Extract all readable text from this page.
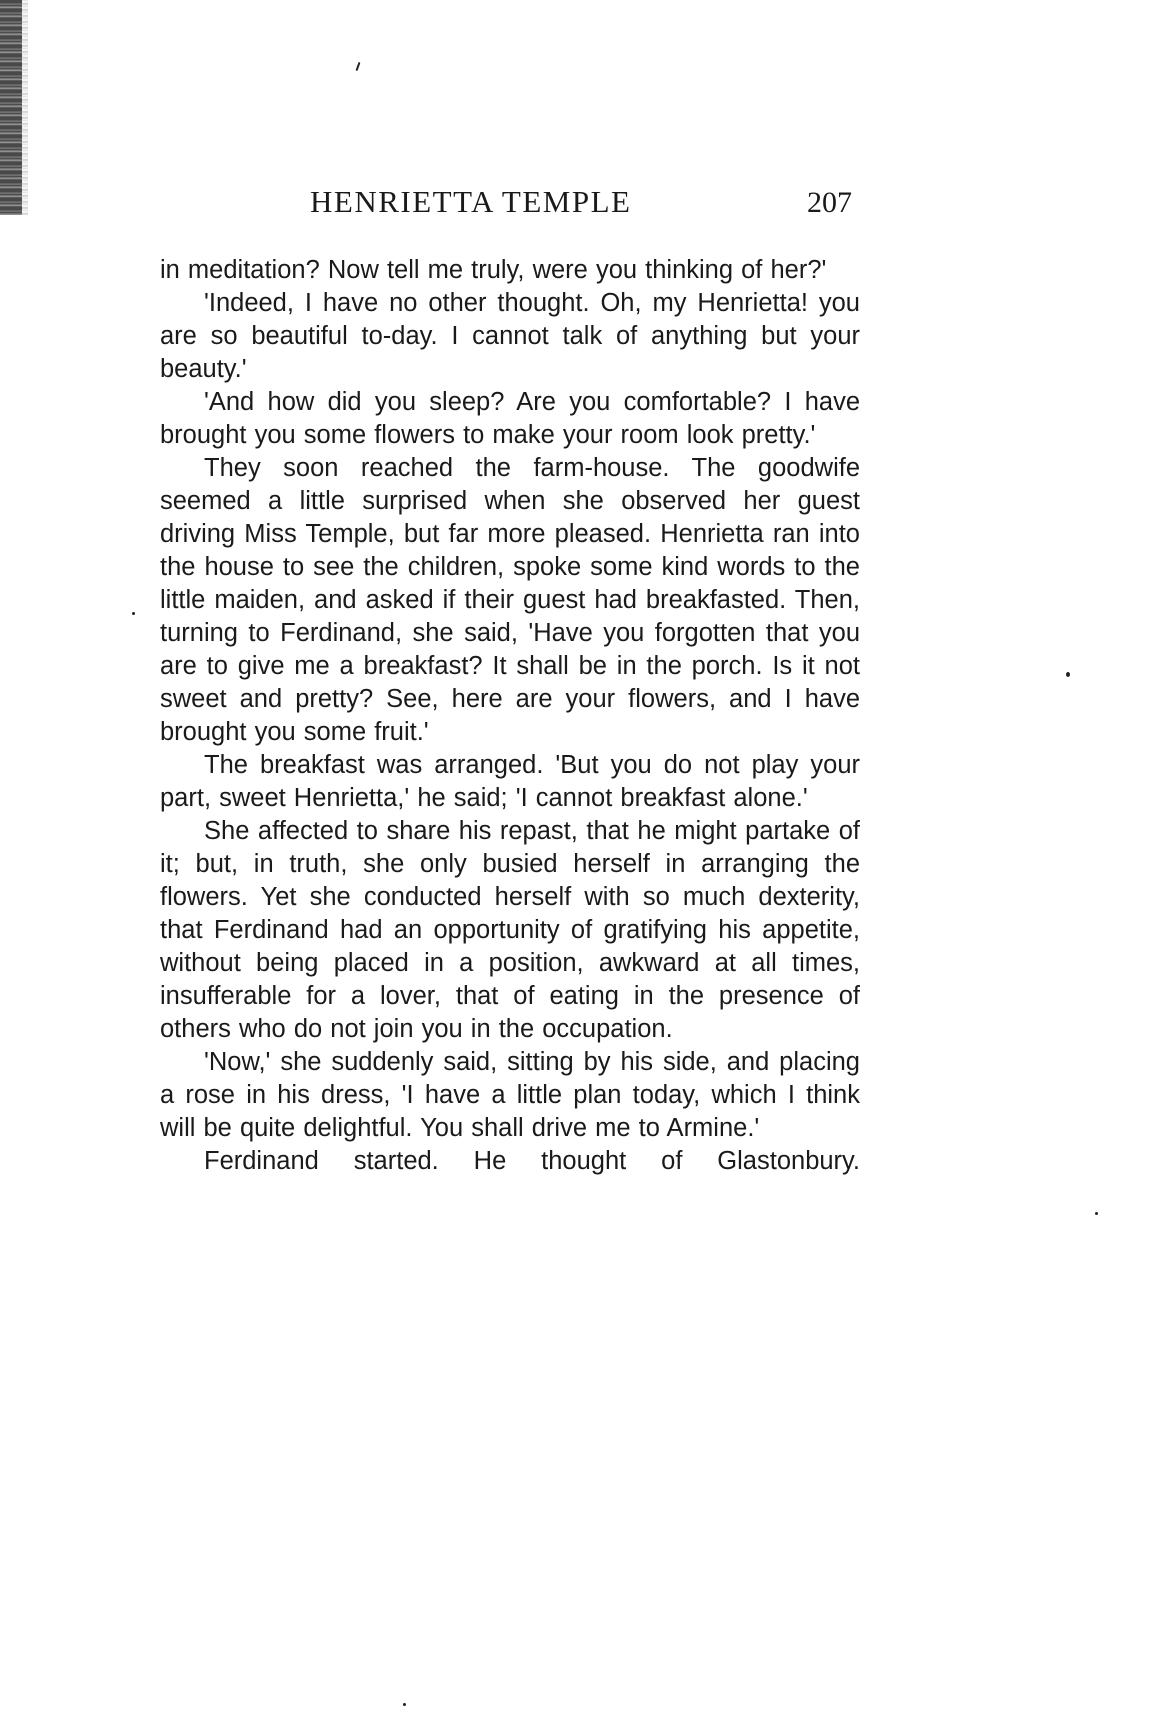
HENRIETTA TEMPLE	207

in meditation? Now tell me truly, were you thinking of her?'

'Indeed, I have no other thought. Oh, my Henrietta! you are so beautiful to-day. I cannot talk of anything but your beauty.'

'And how did you sleep? Are you comfortable? I have brought you some flowers to make your room look pretty.'

They soon reached the farm-house. The goodwife seemed a little surprised when she observed her guest driving Miss Temple, but far more pleased. Henrietta ran into the house to see the children, spoke some kind words to the little maiden, and asked if their guest had breakfasted. Then, turning to Ferdinand, she said, 'Have you forgotten that you are to give me a breakfast? It shall be in the porch. Is it not sweet and pretty? See, here are your flowers, and I have brought you some fruit.'

The breakfast was arranged. 'But you do not play your part, sweet Henrietta,' he said; 'I cannot breakfast alone.'

She affected to share his repast, that he might partake of it; but, in truth, she only busied herself in arranging the flowers. Yet she conducted herself with so much dexterity, that Ferdinand had an opportunity of gratifying his appetite, without being placed in a position, awkward at all times, insufferable for a lover, that of eating in the presence of others who do not join you in the occupation.

'Now,' she suddenly said, sitting by his side, and placing a rose in his dress, 'I have a little plan today, which I think will be quite delightful. You shall drive me to Armine.'

Ferdinand started. He thought of Glastonbury.
